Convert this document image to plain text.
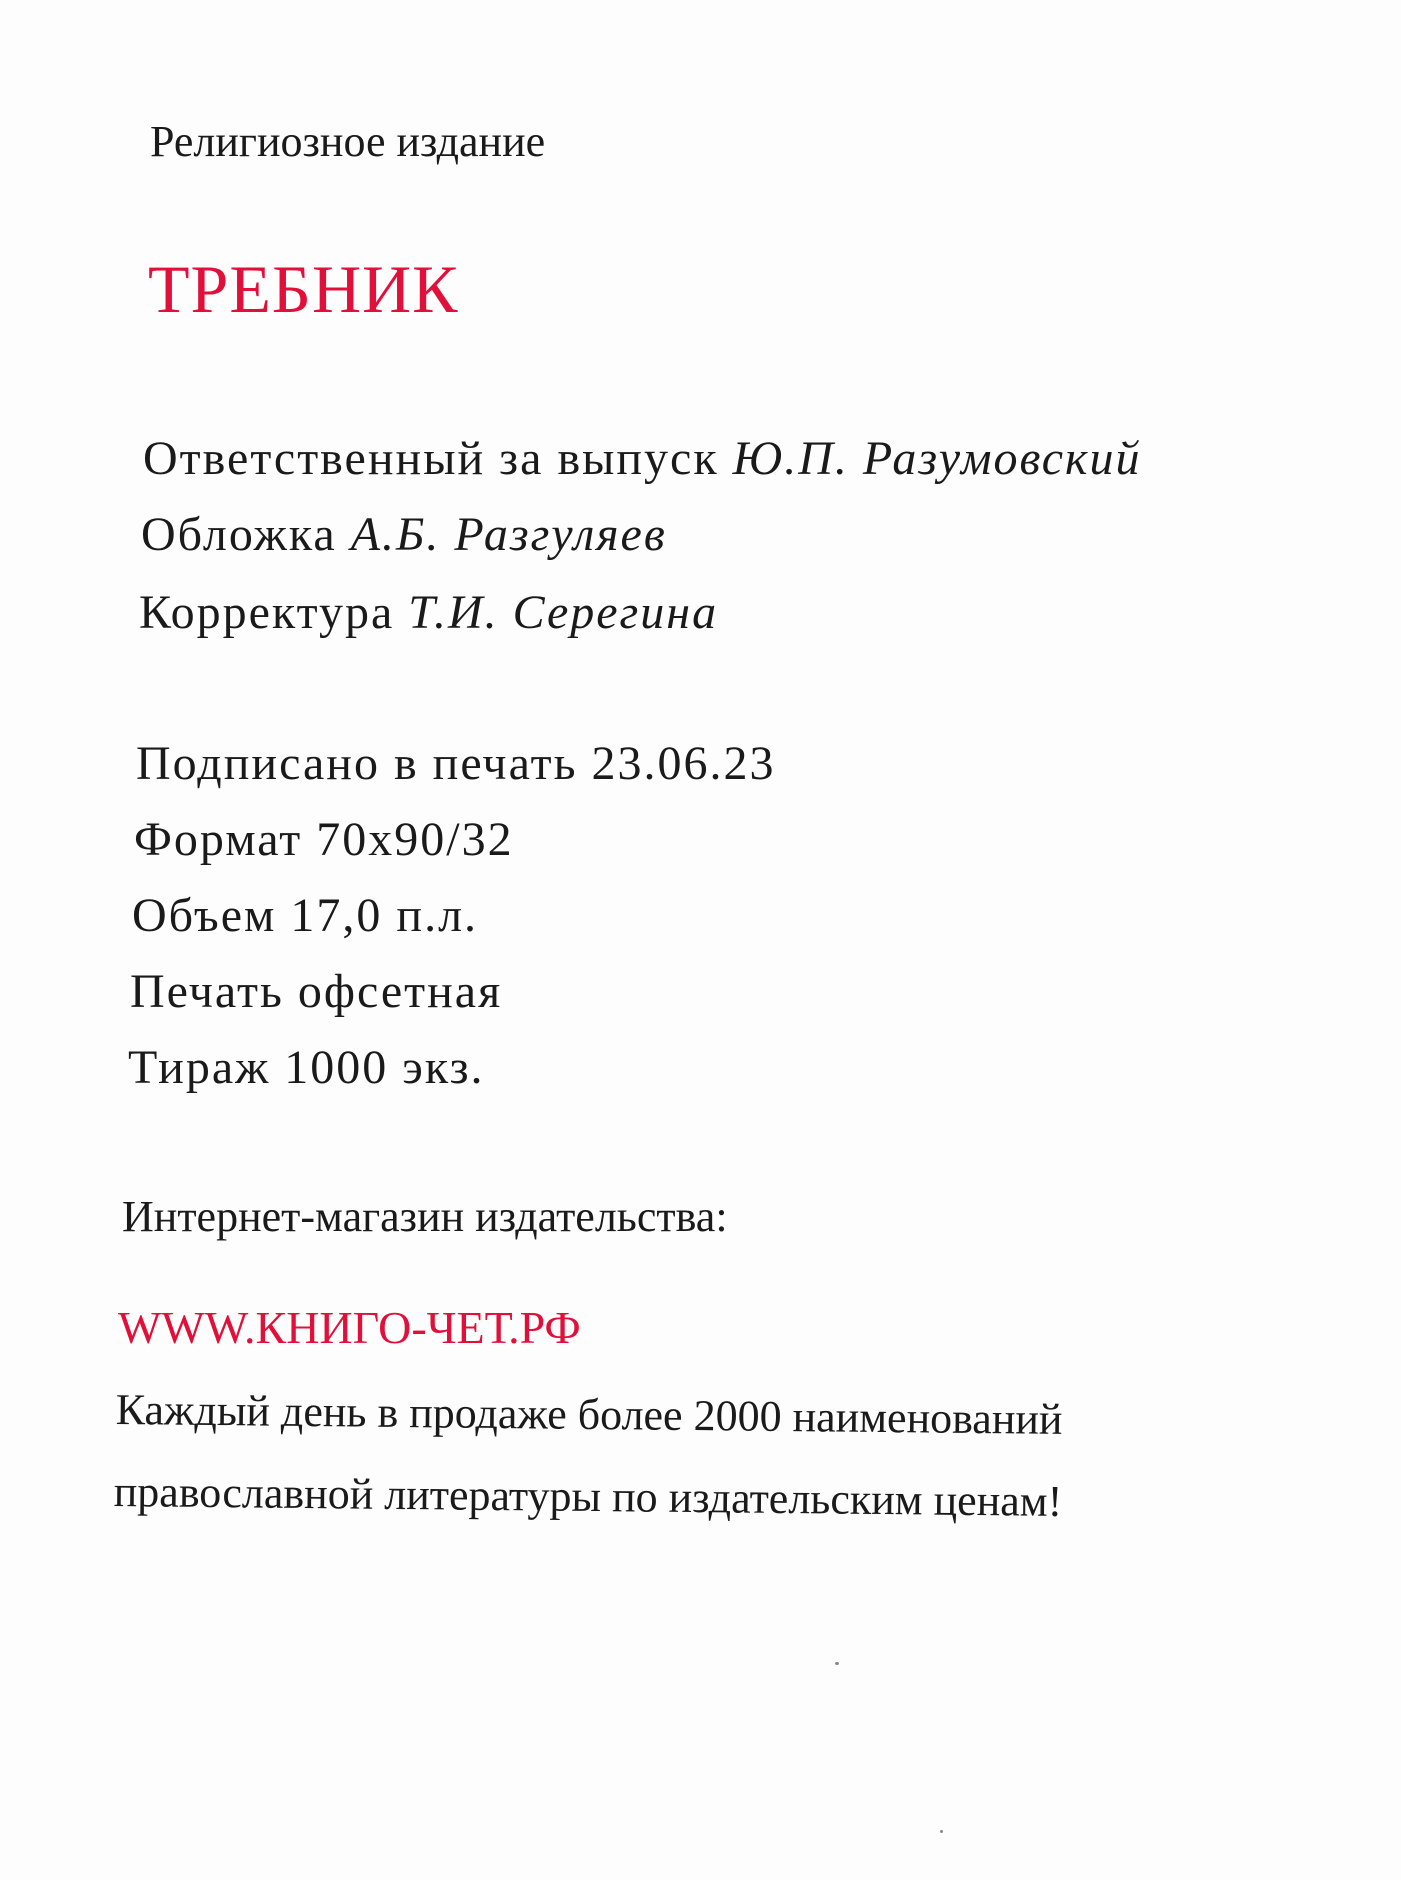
Религиозное издание
ТРЕБНИК
Ответственный за выпуск Ю.П. Разумовский
Обложка А.Б. Разгуляев
Корректура Т.И. Серегина
Подписано в печать 23.06.23
Формат 70х90/32
Объем 17,0 п.л.
Печать офсетная
Тираж 1000 экз.
Интернет-магазин издательства:
WWW.КНИГО-ЧЕТ.РФ
Каждый день в продаже более 2000 наименований
православной литературы по издательским ценам!
